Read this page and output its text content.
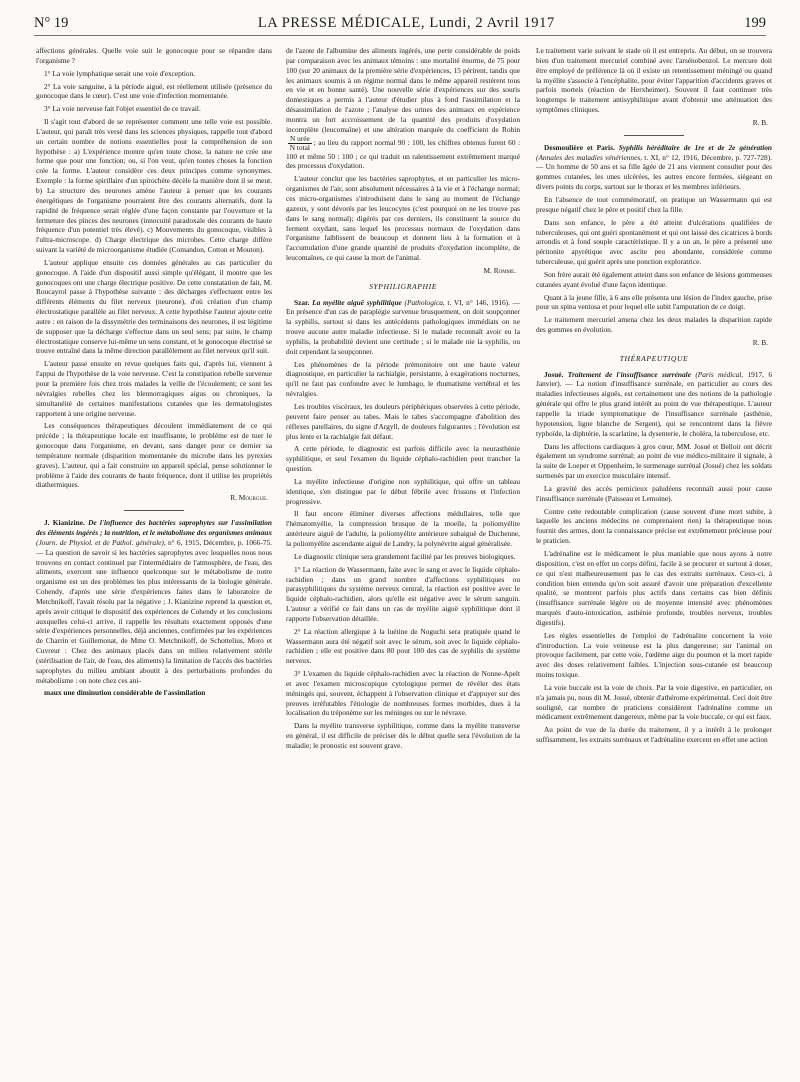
N° 19	LA PRESSE MÉDICALE, Lundi, 2 Avril 1917	199

affections générales. Quelle voie suit le gonocoque pour se répandre dans l'organisme ?

1° La voie lymphatique serait une voie d'exception.

2° La voie sanguine, à la période aiguë, est réellement utilisée (présence du gonocoque dans le cœur). C'est une voie d'infection momentanée.

3° La voie nerveuse fait l'objet essentiel de ce travail.

Il s'agit tout d'abord de se représenter comment une telle voie est possible. L'auteur, qui paraît très versé dans les sciences physiques, rappelle tout d'abord un certain nombre de notions essentielles pour la compréhension de son hypothèse : a) L'expérience montre qu'en toute chose, la nature ne crée une forme que pour une fonction; ou, si l'on veut, qu'en toutes choses la fonction crée la forme. L'auteur considère ces deux principes comme synonymes. Exemple : la forme spirillaire d'un spirochète décèle la manière dont il se meut. b) La structure des neurones amène l'auteur à penser que les courants énergétiques de l'organisme pourraient être des courants alternatifs, dont la rapidité de fréquence serait réglée d'une façon constante par l'ouverture et la fermeture des pinces des neurones (innocuité paradoxale des courants de haute fréquence d'un potentiel très élevé). c) Mouvements du gonocoque, visibles à l'ultra-microscope. d) Charge électrique des microbes. Cette charge diffère suivant la variété de microorganisme étudiée (Comandon, Cotton et Mouton).

L'auteur applique ensuite ces données générales au cas particulier du gonocoque. A l'aide d'un dispositif aussi simple qu'élégant, il montre que les gonocoques ont une charge électrique positive. De cette constatation de fait, M. Roucayrol passe à l'hypothèse suivante : des décharges s'effectuent entre les différents éléments du filet nerveux (neurone), d'où création d'un champ électrostatique parallèle au filet nerveux. A cette hypothèse l'auteur ajoute cette autre : en raison de la dissymétrie des terminaisons des neurones, il est légitime de supposer que la décharge s'effectue dans un seul sens; par suite, le champ électrostatique conserve lui-même un sens constant, et le gonocoque électrisé se trouve entraîné dans la même direction parallèlement au filet nerveux qu'il suit.

L'auteur passe ensuite en revue quelques faits qui, d'après lui, viennent à l'appui de l'hypothèse de la voie nerveuse. C'est la constipation rebelle survenue pour la première fois chez trois malades la veille de l'écoulement; ce sont les névralgies rebelles chez les blennorragiques aigus ou chroniques, la simultanéité de certaines manifestations cutanées que les dermatologistes rapportent à une origine nerveuse.

Les conséquences thérapeutiques découlent immédiatement de ce qui précède ; la thérapeutique locale est insuffisante, le problème est de tuer le gonocoque dans l'organisme, en devant, sans danger pour ce dernier sa température normale (disparition momentanée du microbe dans les pyrexies graves). L'auteur, qui a fait construire un appareil spécial, pense solutionner le problème à l'aide des courants de haute fréquence, dont il utilise les propriétés diathermiques.

R. Mourgue.

J. Kianizine. De l'influence des bactéries saprophytes sur l'assimilation des éléments ingérés ; la nutrition, et le métabolisme des organismes animaux (Journ. de Physiol. et de Pathol. générale), n° 6, 1915, Décembre, p. 1066-75. — La question de savoir si les bactéries saprophytes avec lesquelles nous nous trouvons en contact continuel par l'intermédiaire de l'atmosphère, de l'eau, des aliments, exercent une influence quelconque sur le métabolisme de notre organisme est un des problèmes les plus intéressants de la biologie générale. Cohendy, d'après une série d'expériences faites dans le laboratoire de Metchnikoff, l'avait résolu par la négative ; J. Kianizine reprend la question et, après avoir critiqué le dispositif des expériences de Cohendy et les conclusions auxquelles celui-ci arrive, il rappelle les résultats exactement opposés d'une série d'expériences personnelles, déjà anciennes, confirmées par les expériences de Charrin et Guillemonat, de Mme O. Metchnikoff, de Schottelius, Moro et Cuvreur : Chez des animaux placés dans un milieu relativement stérile (stérilisation de l'air, de l'eau, des aliments) la limitation de l'accès des bactéries saprophytes du milieu ambiant aboutit à des perturbations profondes du métabolisme : on note chez ces ani-

maux une diminution considérable de l'assimilation

de l'azote de l'albumine des aliments ingérés, une perte considérable de poids par comparaison avec les animaux témoins : une mortalité énorme, de 75 pour 100 (sur 20 animaux de la première série d'expériences, 15 périrent, tandis que les animaux soumis à un régime normal dans le même appareil restèrent tous en vie et en bonne santé). Une nouvelle série d'expériences sur des souris domestiques a permis à l'auteur d'étudier plus à fond l'assimilation et la désassimilation de l'azote ; l'analyse des urines des animaux en expérience montra un fort accroissement de la quantité des produits d'oxydation incomplète (leucomaïne) et une altération marquée du coefficient de Robin
N urée
N total
; au lieu du rapport normal 90 : 100, les chiffres obtenus furent 60 : 100 et même 50 : 100 ; ce qui traduit un ralentissement extrêmement marqué des processus d'oxydation.

L'auteur conclut que les bactéries saprophytes, et en particulier les micro-organismes de l'air, sont absolument nécessaires à la vie et à l'échange normal; ces micro-organismes s'introduisent dans le sang au moment de l'échange gazeux, y sont dévorés par les leucocytes (c'est pourquoi on ne les trouve pas dans le sang normal); digérés par ces derniers, ils constituent la source du ferment oxydant, sans lequel les processus normaux de l'oxydation dans l'organisme faiblissent de beaucoup et donnent lieu à la formation et à l'accumulation d'une grande quantité de produits d'oxydation incomplète, de leucomaïnes, ce qui cause la mort de l'animal.

M. Romme.
SYPHILIGRAPHIE

Szar. La myélite aiguë syphilitique (Pathologica, t. VI, n° 146, 1916). — En présence d'un cas de paraplégie survenue brusquement, on doit soupçonner la syphilis, surtout si dans les antécédents pathologiques immédiats on ne trouve aucune autre maladie infectieuse. Si le malade reconnaît avoir eu la syphilis, la probabilité devient une certitude ; si le malade nie la syphilis, ou doit cependant la soupçonner.

Les phénomènes de la période prémonitoire ont une haute valeur diagnostique, en particulier la rachialgie, persistante, à exagérations nocturnes, qu'il ne faut pas confondre avec le lumbago, le rhumatisme vertébral et les névralgies.

Les troubles viscéraux, les douleurs périphériques observées à cette période, peuvent faire penser au tabes. Mais le tabes s'accompagne d'abolition des réflexes patellaires, du signe d'Argyll, de douleurs fulgurantes ; l'évolution est plus lente et la rachialgie fait défaut.

A cette période, le diagnostic est parfois difficile avec la neurasthénie syphilitique, et seul l'examen du liquide céphalo-rachidien peut trancher la question.

La myélite infectieuse d'origine non syphilitique, qui offre un tableau identique, s'en distingue par le début fébrile avec frissons et l'infection progressive.

Il faut encore éliminer diverses affections médullaires, telle que l'hématomyélie, la compression brusque de la moelle, la poliomyélite antérieure aiguë de l'adulte, la poliomyélite antérieure subaiguë de Duchenne, la poliomyélite ascendante aiguë de Landry, la polynévrite aiguë généralisée.

Le diagnostic clinique sera grandement facilité par les preuves biologiques.

1° La réaction de Wassermann, faite avec le sang et avec le liquide céphalo-rachidien ; dans un grand nombre d'affections syphilitiques ou parasyphilitiques du système nerveux central, la réaction est positive avec le liquide céphalo-rachidien, alors qu'elle est négative avec le sérum sanguin. L'auteur a vérifié ce fait dans un cas de myélite aiguë syphilitique dont il rapporte l'observation détaillée.

2° La réaction allergique à la luétine de Noguchi sera pratiquée quand le Wassermann aura été négatif soit avec le sérum, soit avec le liquide céphalo-rachidien ; elle est positive dans 80 pour 100 des cas de syphilis du système nerveux.

3° L'examen du liquide céphalo-rachidien avec la réaction de Nonne-Apelt et avec l'examen microscopique cytologique permet de révéler des états méningés qui, souvent, échappent à l'observation clinique et d'appuyer sur des preuves irréfutables l'étiologie de nombreuses formes morbides, dues à la localisation du tréponème sur les méninges ou sur le névraxe.

Dans la myélite transverse syphilitique, comme dans la myélite transverse en général, il est difficile de préciser dès le début quelle sera l'évolution de la maladie; le pronostic est souvent grave.

Le traitement varie suivant le stade où il est entrepris. Au début, on se trouvera bien d'un traitement mercuriel combiné avec l'arsénobenzol. Le mercure doit être employé de préférence là où il existe un retentissement méningé ou quand la myélite s'associe à l'encéphalite, pour éviter l'apparition d'accidents graves et parfois mortels (réaction de Herxheimer). Souvent il faut continuer très longtemps le traitement antisyphilitique avant d'obtenir une atténuation des symptômes cliniques.

R. B.

Desmoulière et Paris. Syphilis héréditaire de 1re et de 2e génération (Annales des maladies vénériennes, t. XI, n° 12, 1916, Décembre, p. 727-728). — Un homme de 50 ans et sa fille âgée de 21 ans viennent consulter pour des gommes cutanées, les unes ulcérées, les autres encore fermées, siégeant en divers points du corps, surtout sur le thorax et les membres inférieurs.

En l'absence de tout commémoratif, on pratique un Wassermann qui est presque négatif chez le père et positif chez la fille.

Dans son enfance, le père a été atteint d'ulcérations qualifiées de tuberculeuses, qui ont guéri spontanément et qui ont laissé des cicatrices à bords arrondis et à fond souple caractéristique. Il y a un an, le père a présenté une péritonite apyrétique avec ascite peu abondante, considérée comme tuberculeuse, qui guérit après une ponction exploratrice.

Son frère aurait été également atteint dans son enfance de lésions gommeuses cutanées ayant évolué d'une façon identique.

Quant à la jeune fille, à 6 ans elle présenta une lésion de l'index gauche, prise pour un spina ventosa et pour lequel elle subit l'amputation de ce doigt.

Le traitement mercuriel amena chez les deux malades la disparition rapide des gommes en évolution.

R. B.
THÉRAPEUTIQUE

Josué. Traitement de l'insuffisance surrénale (Paris médical, 1917, 6 Janvier). — La notion d'insuffisance surrénale, en particulier au cours des maladies infectieuses aiguës, est certainement une des notions de la pathologie générale qui offre le plus grand intérêt au point de vue thérapeutique. L'auteur rappelle la triade symptomatique de l'insuffisance surrénale (asthénie, hypotension, ligne blanche de Sergent), qui se rencontrent dans la fièvre typhoïde, la diphtérie, la scarlatine, la dysenterie, le choléra, la tuberculose, etc.

Dans les affections cardiaques à gros cœur, MM. Josué et Belloir ont décrit également un syndrome surrénal; au point de vue médico-militaire il signale, à la suite de Loeper et Oppenheim, le surmenage surrénal (Josué) chez les soldats surmenés par un exercice musculaire intensif.

La gravité des accès pernicieux paludéens reconnaît aussi pour cause l'insuffisance surrénale (Paisseau et Lemoine).

Contre cette redoutable complication (cause souvent d'une mort subite, à laquelle les anciens médecins ne comprenaient rien) la thérapeutique nous fournit des armes, dont la connaissance précise est extrêmement précieuse pour le praticien.

L'adrénaline est le médicament le plus maniable que nous ayons à notre disposition, c'est en effet un corps défini, facile à se procurer et surtout à doser, ce qui n'est malheureusement pas le cas des extraits surrénaux. Ceux-ci, à condition bien entendu qu'on soit assuré d'avoir une préparation d'excellente qualité, se montrent parfois plus actifs dans certains cas bien définis (insuffisance surrénale légère ou de moyenne intensité avec phénomènes marqués d'auto-intoxication, asthénie profonde, troubles nerveux, troubles digestifs).

Les règles essentielles de l'emploi de l'adrénaline concernent la voie d'introduction. La voie veineuse est la plus dangereuse; sur l'animal on provoque facilement, par cette voie, l'œdème aigu du poumon et la mort rapide avec des doses relativement faibles. L'injection sous-cutanée est beaucoup moins toxique.

La voie buccale est la voie de choix. Par la voie digestive, en particulier, on n'a jamais pu, nous dit M. Josué, obtenir d'athérome expérimental. Ceci doit être souligné, car nombre de praticiens considèrent l'adrénaline comme un médicament extrêmement dangereux, même par la voie buccale, ce qui est faux.

Au point de vue de la durée du traitement, il y a intérêt à le prolonger suffisamment, les extraits surrénaux et l'adrénaline exercent en effet une action
